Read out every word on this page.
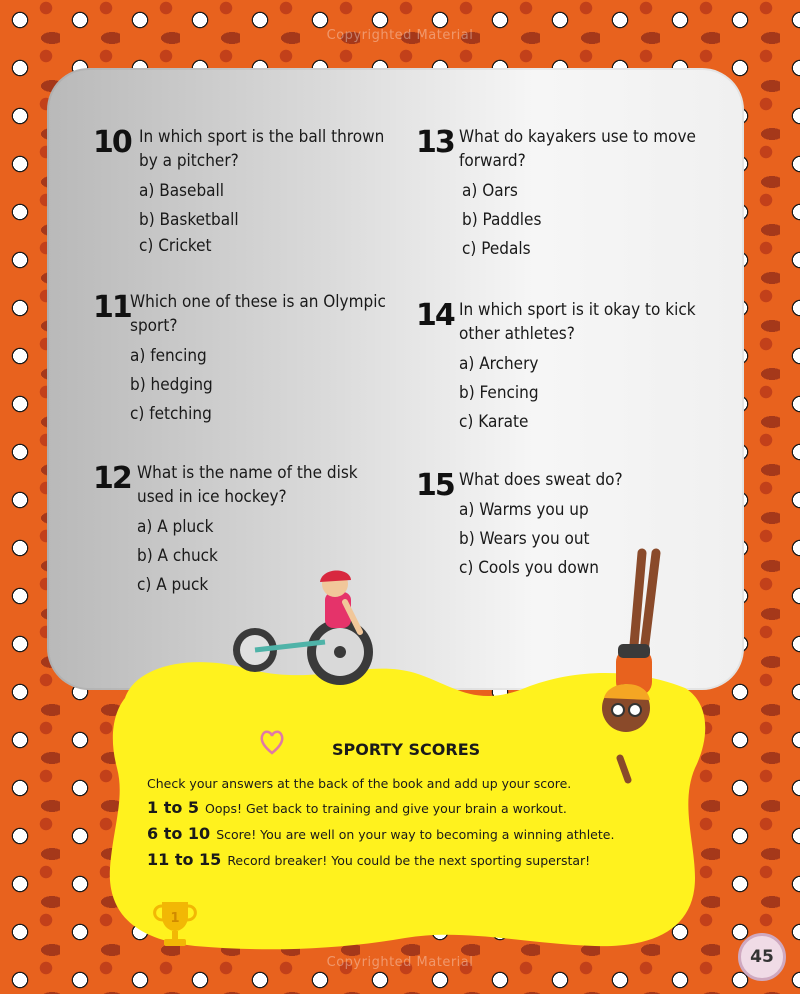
Copyrighted Material
10 In which sport is the ball thrown

by a pitcher?

a) Baseball

b) Basketball

c) Cricket

11 Which one of these is an Olympic

sport?

a) fencing

b) hedging

c) fetching

12 What is the name of the disk

used in ice hockey?

a) A pluck

b) A chuck

c) A puck

13 What do kayakers use to move

forward?

a) Oars

b) Paddles

c) Pedals

14 In which sport is it okay to kick

other athletes?

a) Archery

b) Fencing

c) Karate

15 What does sweat do?

a) Warms you up

b) Wears you out

c) Cools you down

SPORTY SCORES
Check your answers at the back of the book and add up your score.
1 to 5 Oops! Get back to training and give your brain a workout.
6 to 10 Score! You are well on your way to becoming a winning athlete.
11 to 15 Record breaker! You could be the next sporting superstar!
1
45
Copyrighted Material
